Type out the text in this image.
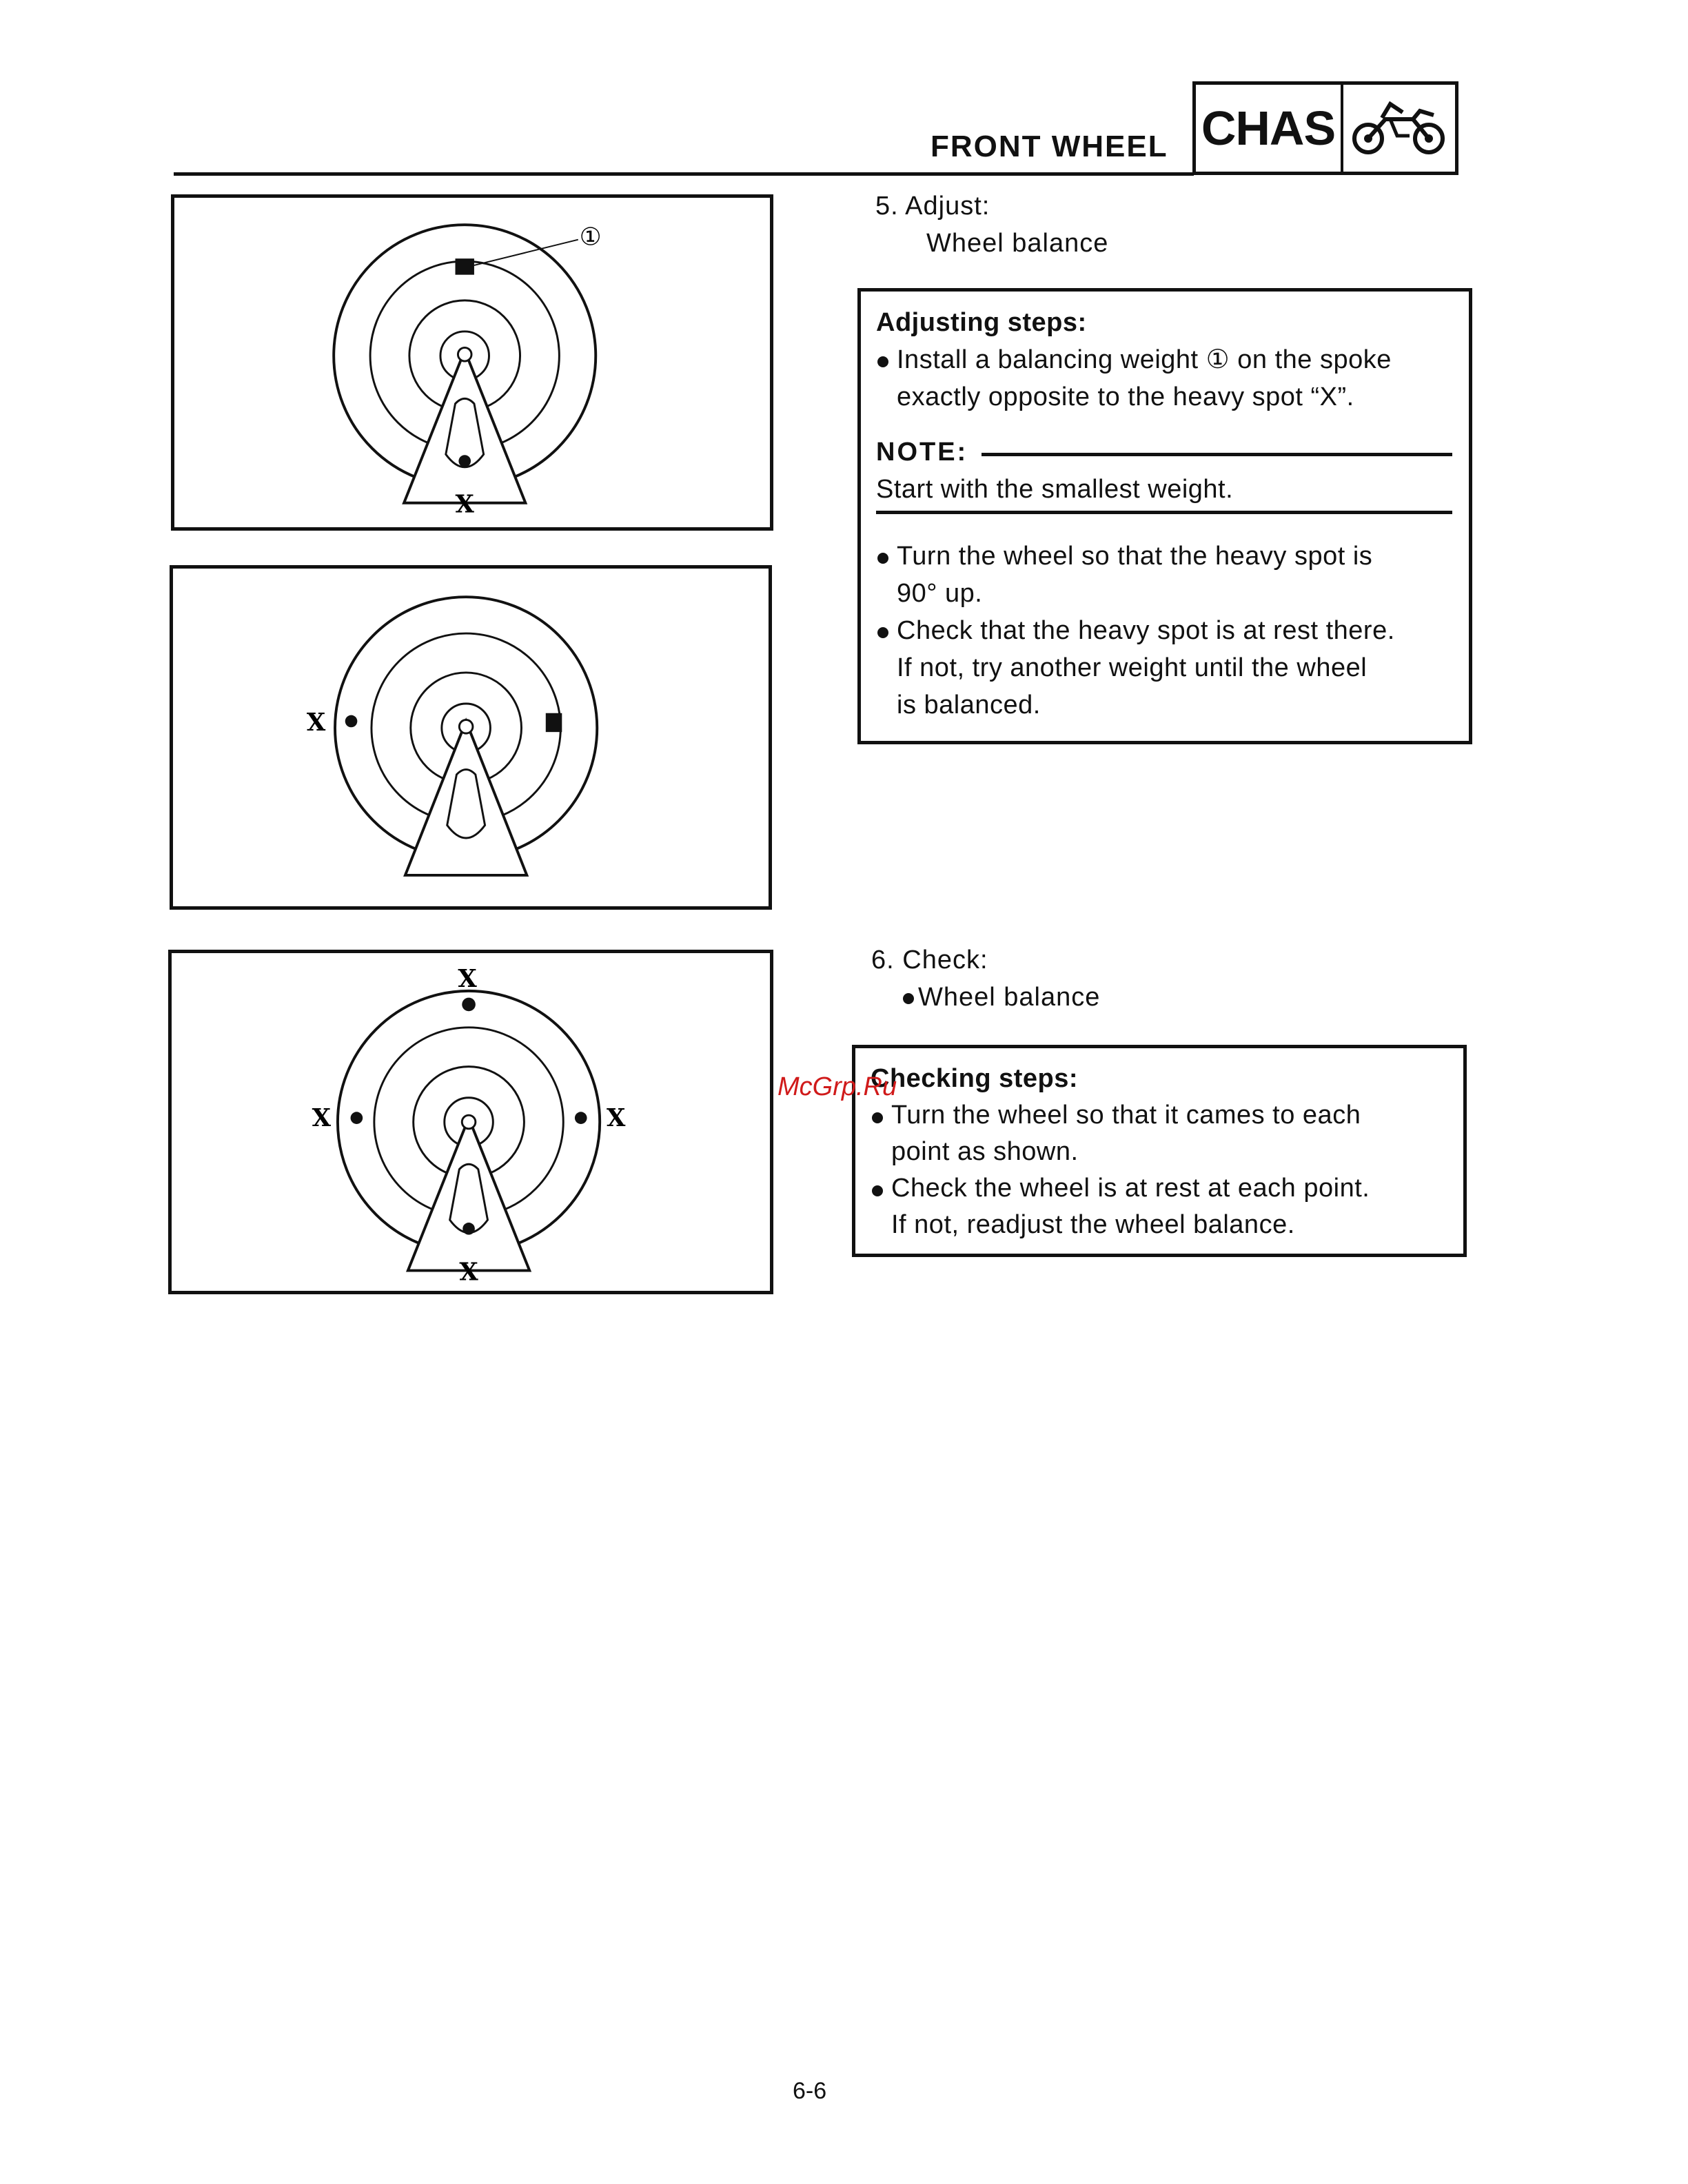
FRONT WHEEL CHAS
①
X
X
X
X	X
X
5. Adjust:
Wheel balance
Adjusting steps:
Install a balancing weight ① on the spoke
exactly opposite to the heavy spot “X”.
NOTE:
Start with the smallest weight.
Turn the wheel so that the heavy spot is
90° up.
Check that the heavy spot is at rest there.
If not, try another weight until the wheel
is balanced.
6. Check:
Wheel balance
Checking steps:
Turn the wheel so that it cames to each
point as shown.
Check the wheel is at rest at each point.
If not, readjust the wheel balance.
McGrp.Ru
6-6
